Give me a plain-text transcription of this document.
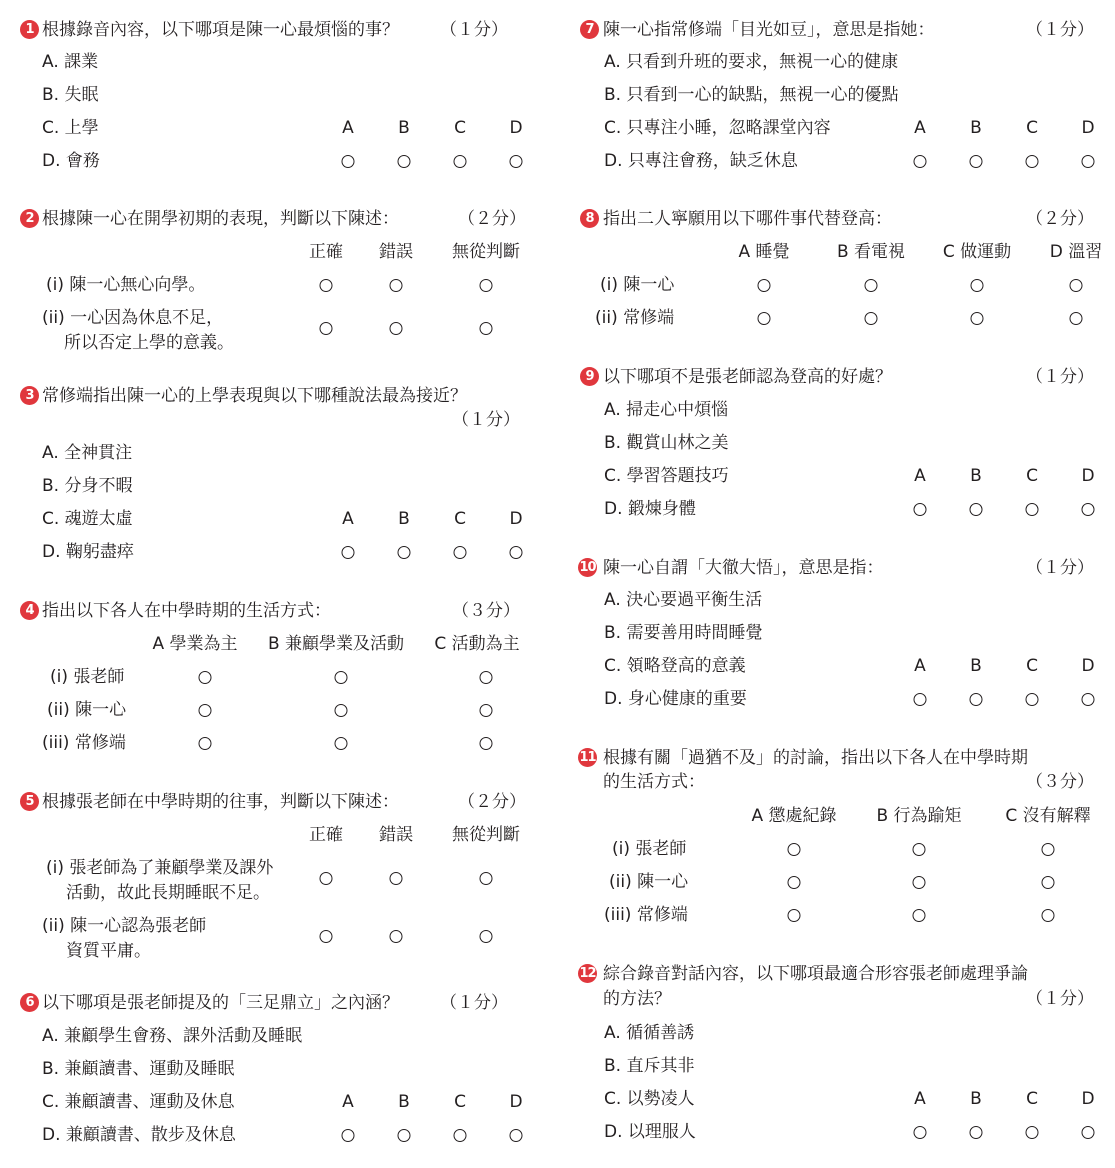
1 根據錄音內容，以下哪項是陳一心最煩惱的事？ （１分）
A. 課業
B. 失眠
C. 上學
D. 會務
A	B	C	D
2 根據陳一心在開學初期的表現，判斷以下陳述：	（２分）
正確 錯誤 無從判斷
(i) 陳一心無心向學。
(ii) 一心因為休息不足，
所以否定上學的意義。
3 常修端指出陳一心的上學表現與以下哪種說法最為接近？
（１分）
A. 全神貫注
B. 分身不暇
C. 魂遊太虛
D. 鞠躬盡瘁
A	B	C	D
4 指出以下各人在中學時期的生活方式：	（３分）
A 學業為主 B 兼顧學業及活動 C 活動為主
(i) 張老師
(ii) 陳一心
(iii) 常修端
5 根據張老師在中學時期的往事，判斷以下陳述：	（２分）
正確 錯誤 無從判斷
(i) 張老師為了兼顧學業及課外
活動，故此長期睡眠不足。
(ii) 陳一心認為張老師
資質平庸。
6 以下哪項是張老師提及的「三足鼎立」之內涵？ （１分）
A. 兼顧學生會務、課外活動及睡眠
B. 兼顧讀書、運動及睡眠
C. 兼顧讀書、運動及休息
D. 兼顧讀書、散步及休息
A	B	C	D
7 陳一心指常修端「目光如豆」，意思是指她：	（１分）
A. 只看到升班的要求，無視一心的健康
B. 只看到一心的缺點，無視一心的優點
C. 只專注小睡，忽略課堂內容
D. 只專注會務，缺乏休息
A	B	C	D
8 指出二人寧願用以下哪件事代替登高：	（２分）
A 睡覺	B 看電視 C 做運動 D 溫習
(i) 陳一心
(ii) 常修端
9 以下哪項不是張老師認為登高的好處？	（１分）
A. 掃走心中煩惱
B. 觀賞山林之美
C. 學習答題技巧
D. 鍛煉身體
A	B	C	D
10 陳一心自謂「大徹大悟」，意思是指：	（１分）
A. 決心要過平衡生活
B. 需要善用時間睡覺
C. 領略登高的意義
D. 身心健康的重要
A	B	C	D
11 根據有關「過猶不及」的討論，指出以下各人在中學時期
的生活方式：	（３分）
A 懲處紀錄 B 行為踰矩	C 沒有解釋
(i) 張老師
(ii) 陳一心
(iii) 常修端
12 綜合錄音對話內容，以下哪項最適合形容張老師處理爭論
的方法？	（１分）
A. 循循善誘
B. 直斥其非
C. 以勢凌人
D. 以理服人
A	B	C	D
